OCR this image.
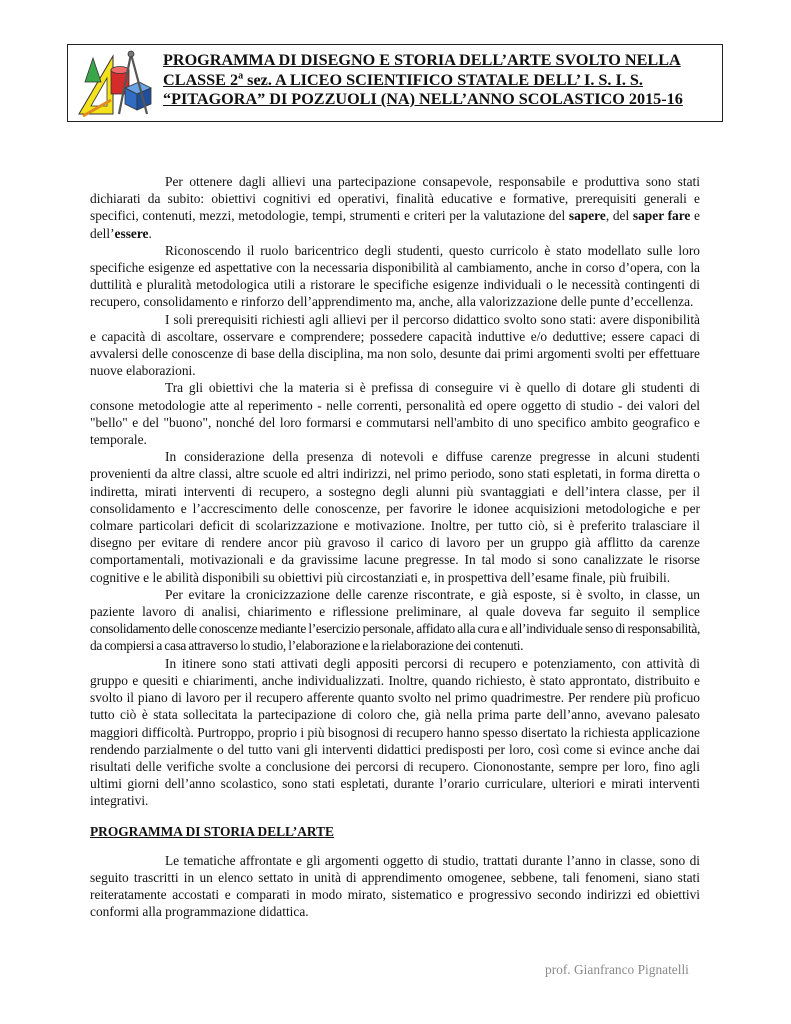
PROGRAMMA DI DISEGNO E STORIA DELL’ARTE SVOLTO NELLA
CLASSE 2$^a$ sez. A LICEO SCIENTIFICO STATALE DELL’ I. S. I. S.
“PITAGORA” DI POZZUOLI (NA) NELL’ANNO SCOLASTICO 2015-16

Per ottenere dagli allievi una partecipazione consapevole, responsabile e produttiva sono stati dichiarati da subito: obiettivi cognitivi ed operativi, finalità educative e formative, prerequisiti generali e specifici, contenuti, mezzi, metodologie, tempi, strumenti e criteri per la valutazione del sapere, del saper fare e dell’essere.

Riconoscendo il ruolo baricentrico degli studenti, questo curricolo è stato modellato sulle loro specifiche esigenze ed aspettative con la necessaria disponibilità al cambiamento, anche in corso d’opera, con la duttilità e pluralità metodologica utili a ristorare le specifiche esigenze individuali o le necessità contingenti di recupero, consolidamento e rinforzo dell’apprendimento ma, anche, alla valorizzazione delle punte d’eccellenza.

I soli prerequisiti richiesti agli allievi per il percorso didattico svolto sono stati: avere disponibilità e capacità di ascoltare, osservare e comprendere; possedere capacità induttive e/o deduttive; essere capaci di avvalersi delle conoscenze di base della disciplina, ma non solo, desunte dai primi argomenti svolti per effettuare nuove elaborazioni.

Tra gli obiettivi che la materia si è prefissa di conseguire vi è quello di dotare gli studenti di consone metodologie atte al reperimento - nelle correnti, personalità ed opere oggetto di studio - dei valori del "bello" e del "buono", nonché del loro formarsi e commutarsi nell'ambito di uno specifico ambito geografico e temporale.

In considerazione della presenza di notevoli e diffuse carenze pregresse in alcuni studenti provenienti da altre classi, altre scuole ed altri indirizzi, nel primo periodo, sono stati espletati, in forma diretta o indiretta, mirati interventi di recupero, a sostegno degli alunni più svantaggiati e dell’intera classe, per il consolidamento e l’accrescimento delle conoscenze, per favorire le idonee acquisizioni metodologiche e per colmare particolari deficit di scolarizzazione e motivazione. Inoltre, per tutto ciò, si è preferito tralasciare il disegno per evitare di rendere ancor più gravoso il carico di lavoro per un gruppo già afflitto da carenze comportamentali, motivazionali e da gravissime lacune pregresse. In tal modo si sono canalizzate le risorse cognitive e le abilità disponibili su obiettivi più circostanziati e, in prospettiva dell’esame finale, più fruibili.

Per evitare la cronicizzazione delle carenze riscontrate, e già esposte, si è svolto, in classe, un paziente lavoro di analisi, chiarimento e riflessione preliminare, al quale doveva far seguito il semplice consolidamento delle conoscenze mediante l’esercizio personale, affidato alla cura e all’individuale senso di responsabilità, da compiersi a casa attraverso lo studio, l’elaborazione e la rielaborazione dei contenuti.

In itinere sono stati attivati degli appositi percorsi di recupero e potenziamento, con attività di gruppo e quesiti e chiarimenti, anche individualizzati. Inoltre, quando richiesto, è stato approntato, distribuito e svolto il piano di lavoro per il recupero afferente quanto svolto nel primo quadrimestre. Per rendere più proficuo tutto ciò è stata sollecitata la partecipazione di coloro che, già nella prima parte dell’anno, avevano palesato maggiori difficoltà. Purtroppo, proprio i più bisognosi di recupero hanno spesso disertato la richiesta applicazione rendendo parzialmente o del tutto vani gli interventi didattici predisposti per loro, così come si evince anche dai risultati delle verifiche svolte a conclusione dei percorsi di recupero. Ciononostante, sempre per loro, fino agli ultimi giorni dell’anno scolastico, sono stati espletati, durante l’orario curriculare, ulteriori e mirati interventi integrativi.

PROGRAMMA DI STORIA DELL’ARTE

Le tematiche affrontate e gli argomenti oggetto di studio, trattati durante l’anno in classe, sono di seguito trascritti in un elenco settato in unità di apprendimento omogenee, sebbene, tali fenomeni, siano stati reiteratamente accostati e comparati in modo mirato, sistematico e progressivo secondo indirizzi ed obiettivi conformi alla programmazione didattica.

prof. Gianfranco Pignatelli
